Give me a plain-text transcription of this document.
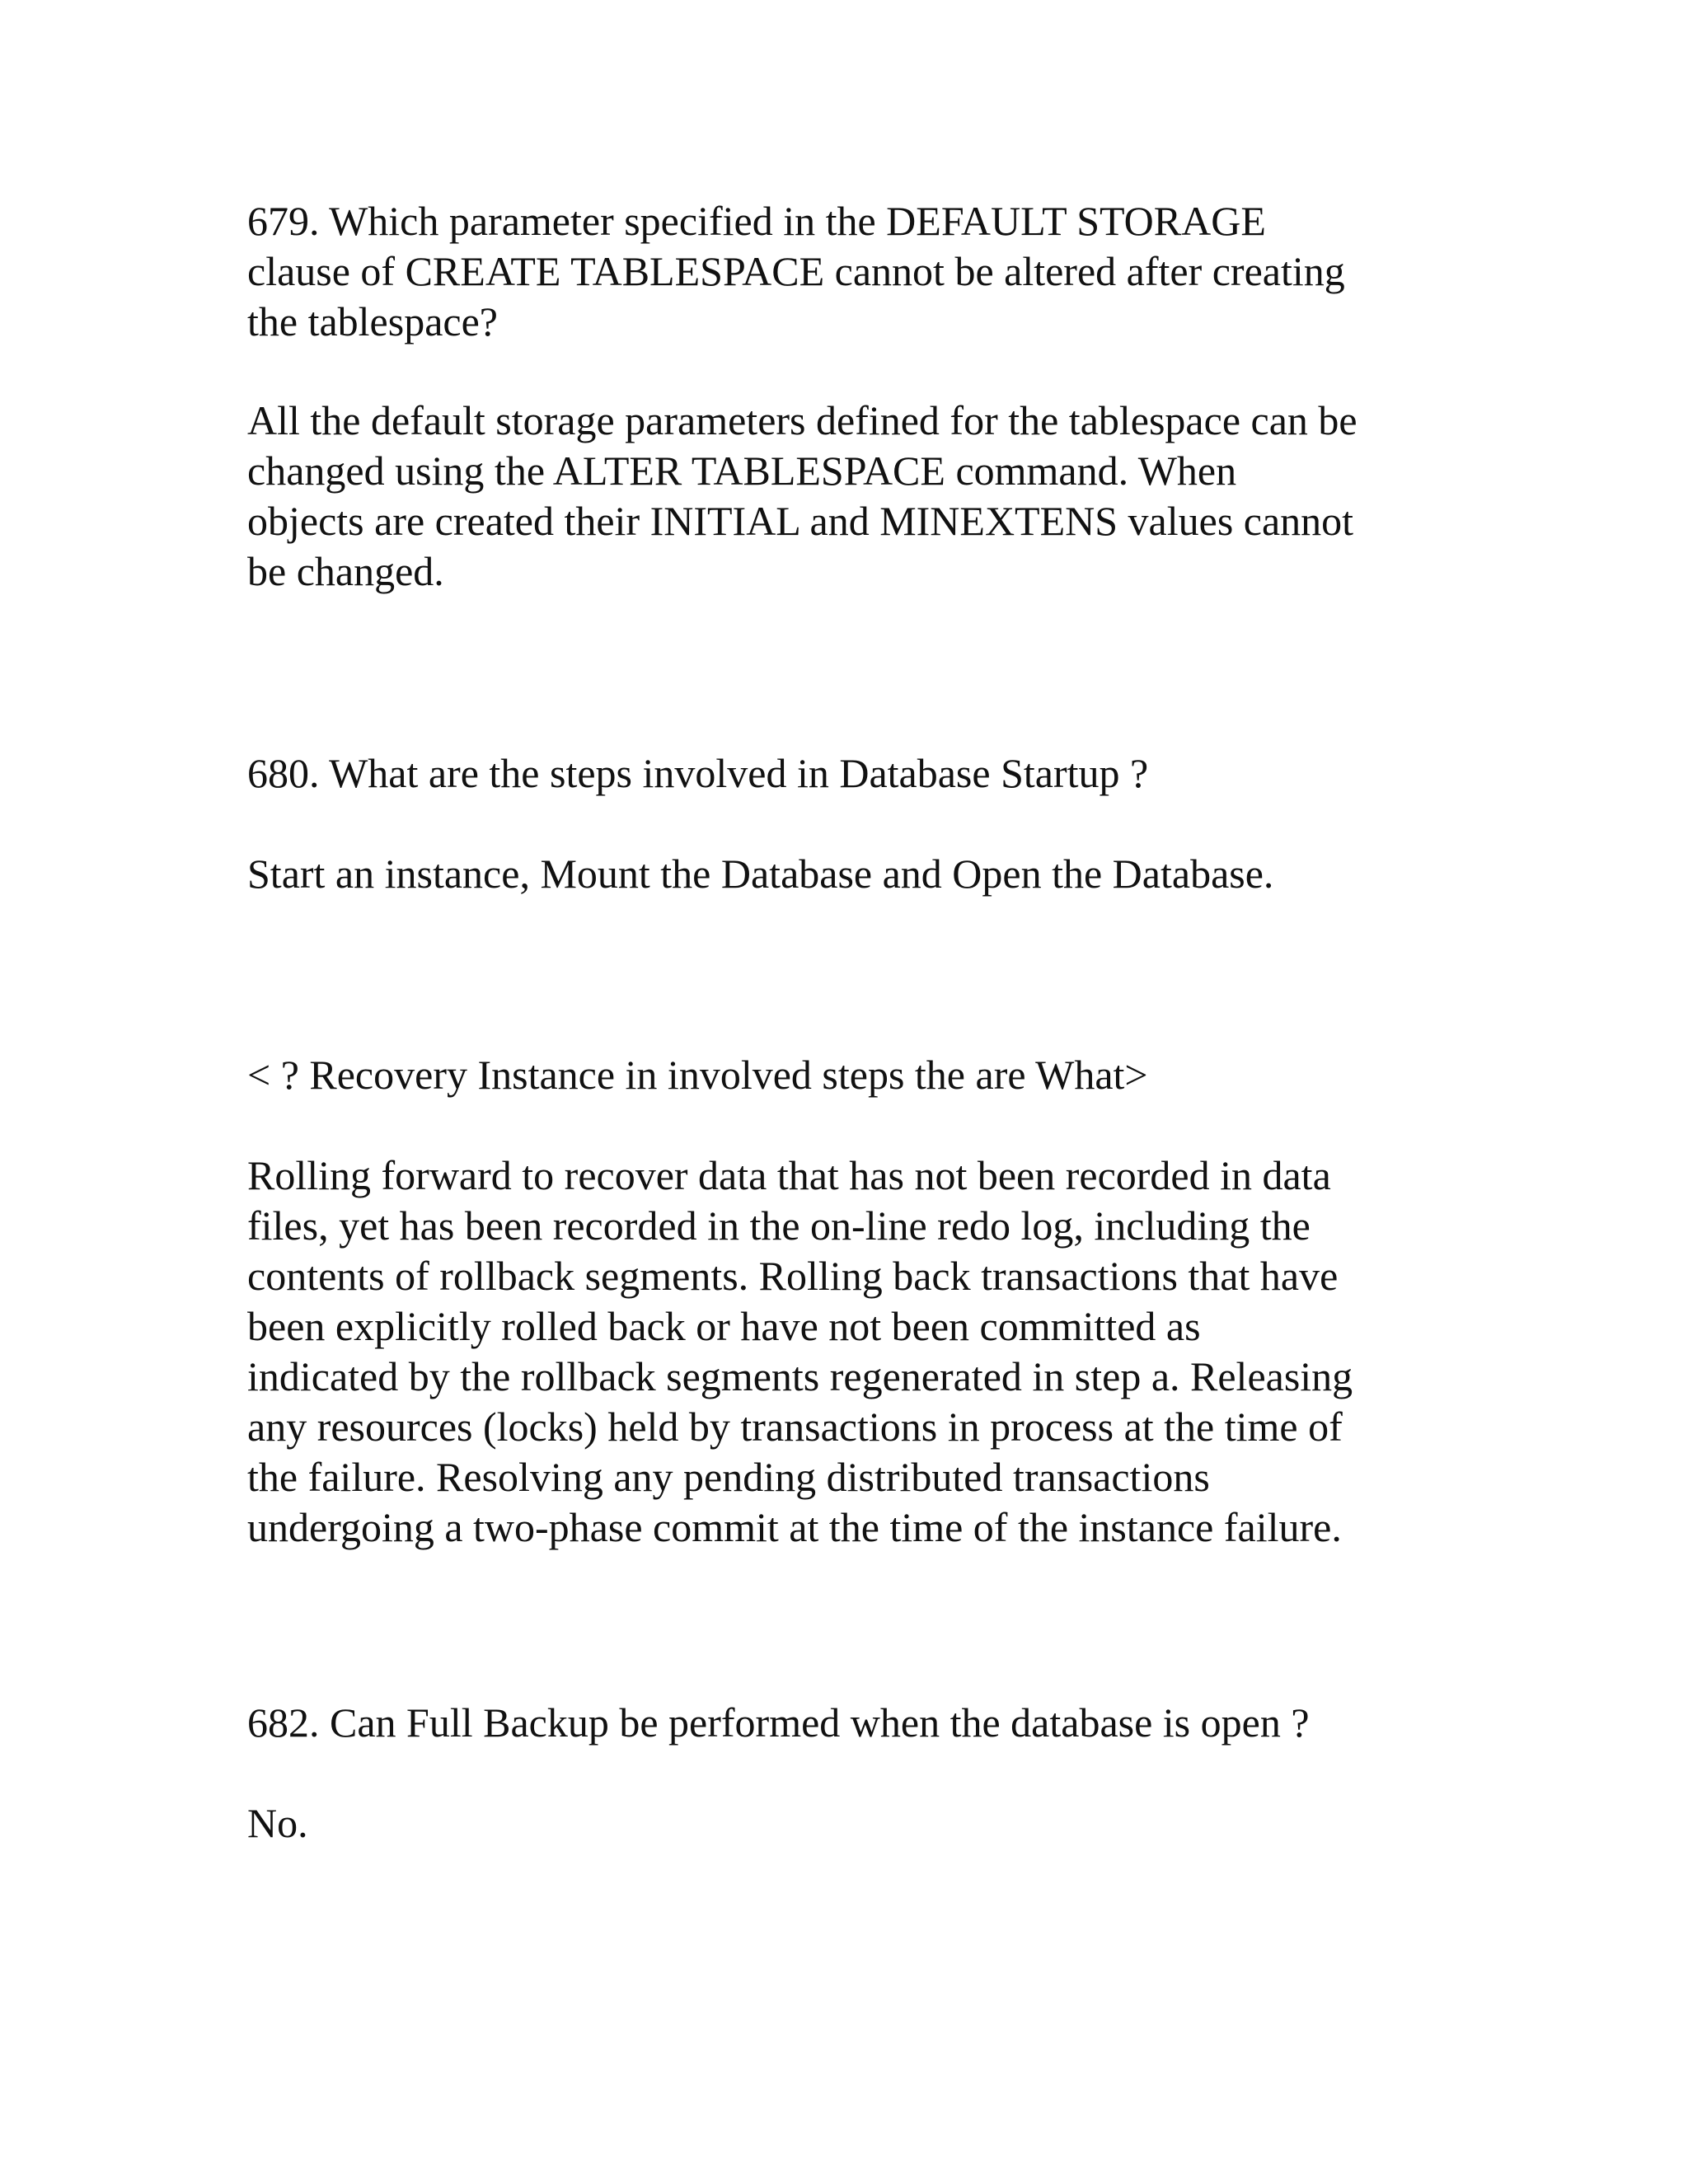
679. Which parameter specified in the DEFAULT STORAGE
clause of CREATE TABLESPACE cannot be altered after creating
the tablespace?

All the default storage parameters defined for the tablespace can be
changed using the ALTER TABLESPACE command. When
objects are created their INITIAL and MINEXTENS values cannot
be changed.

680. What are the steps involved in Database Startup ?

Start an instance, Mount the Database and Open the Database.

< ? Recovery Instance in involved steps the are What>

Rolling forward to recover data that has not been recorded in data
files, yet has been recorded in the on-line redo log, including the
contents of rollback segments. Rolling back transactions that have
been explicitly rolled back or have not been committed as
indicated by the rollback segments regenerated in step a. Releasing
any resources (locks) held by transactions in process at the time of
the failure. Resolving any pending distributed transactions
undergoing a two-phase commit at the time of the instance failure.

682. Can Full Backup be performed when the database is open ?

No.
